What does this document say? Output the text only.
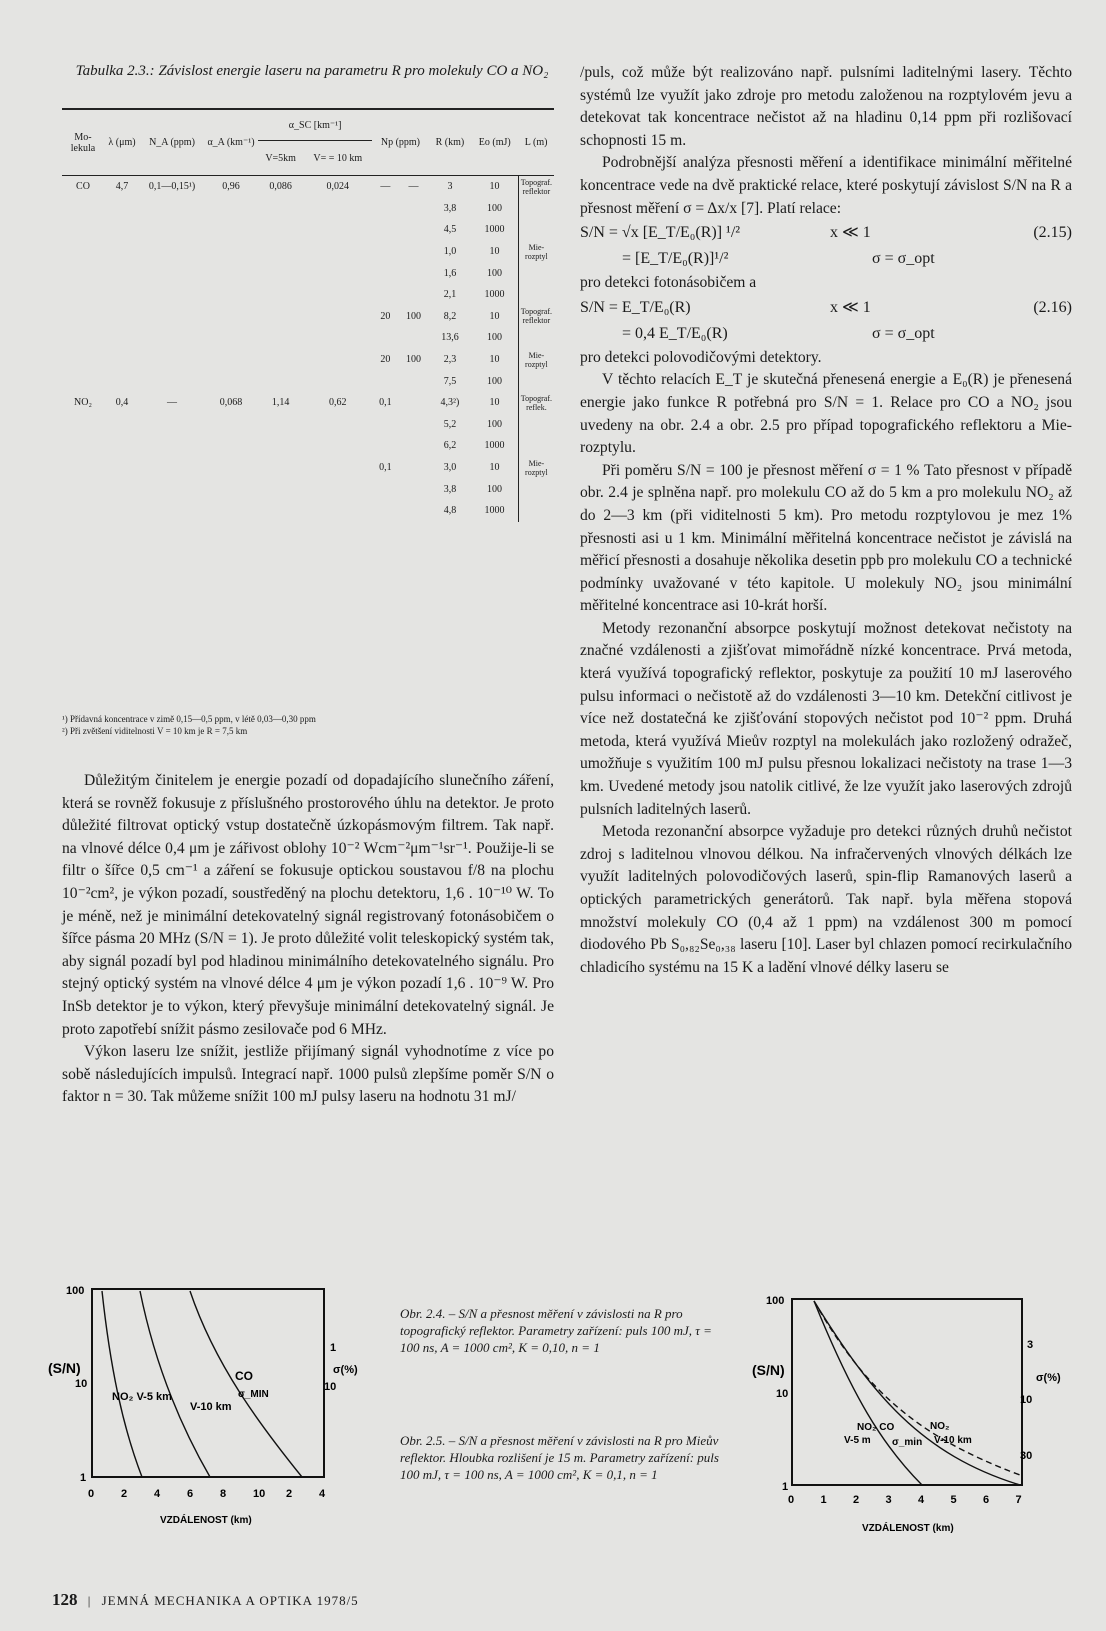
Tabulka 2.3.: Závislost energie laseru na parametru R pro molekuly CO a NO₂
Mo-lekula	λ (μm)	N_A (ppm)	α_A (km⁻¹)	α_SC [km⁻¹]		Np (ppm)		R (km)	Eo (mJ)	L (m)
				V=5km	V= = 10 km					
CO	4,7	0,1—0,15¹)	0,96	0,086	0,024	—	—	3	10	Topograf. reflektor
								3,8	100	
								4,5	1000	
								1,0	10	Mie-rozptyl
								1,6	100	
								2,1	1000	
						20	100	8,2	10	Topograf. reflektor
								13,6	100	
						20	100	2,3	10	Mie-rozptyl
								7,5	100	
NO₂	0,4	—	0,068	1,14	0,62	0,1		4,3²)	10	Topograf. reflek.
								5,2	100	
								6,2	1000	
						0,1		3,0	10	Mie-rozptyl
								3,8	100	
								4,8	1000	
¹) Přídavná koncentrace v zimě 0,15—0,5 ppm, v létě 0,03—0,30 ppm
²) Při zvětšení viditelnosti V = 10 km je R = 7,5 km

Důležitým činitelem je energie pozadí od dopadajícího slunečního záření, která se rovněž fokusuje z příslušného prostorového úhlu na detektor. Je proto důležité filtrovat optický vstup dostatečně úzkopásmovým filtrem. Tak např. na vlnové délce 0,4 μm je zářivost oblohy 10⁻² Wcm⁻²μm⁻¹sr⁻¹. Použije-li se filtr o šířce 0,5 cm⁻¹ a záření se fokusuje optickou soustavou f/8 na plochu 10⁻²cm², je výkon pozadí, soustředěný na plochu detektoru, 1,6 . 10⁻¹⁰ W. To je méně, než je minimální detekovatelný signál registrovaný fotonásobičem o šířce pásma 20 MHz (S/N = 1). Je proto důležité volit teleskopický systém tak, aby signál pozadí byl pod hladinou minimálního detekovatelného signálu. Pro stejný optický systém na vlnové délce 4 μm je výkon pozadí 1,6 . 10⁻⁹ W. Pro InSb detektor je to výkon, který převyšuje minimální detekovatelný signál. Je proto zapotřebí snížit pásmo zesilovače pod 6 MHz.

Výkon laseru lze snížit, jestliže přijímaný signál vyhodnotíme z více po sobě následujících impulsů. Integrací např. 1000 pulsů zlepšíme poměr S/N o faktor n = 30. Tak můžeme snížit 100 mJ pulsy laseru na hodnotu 31 mJ/

/puls, což může být realizováno např. pulsními laditelnými lasery. Těchto systémů lze využít jako zdroje pro metodu založenou na rozptylovém jevu a detekovat tak koncentrace nečistot až na hladinu 0,14 ppm při rozlišovací schopnosti 15 m.

Podrobnější analýza přesnosti měření a identifikace minimální měřitelné koncentrace vede na dvě praktické relace, které poskytují závislost S/N na R a přesnost měření σ = Δx/x [7]. Platí relace:

S/N = √x [E_T/E₀(R)] ¹/²	x ≪ 1	(2.15)
= [E_T/E₀(R)]¹/²	σ = σ_opt

pro detekci fotonásobičem a

S/N = E_T/E₀(R)	x ≪ 1	(2.16)
= 0,4 E_T/E₀(R)	σ = σ_opt

pro detekci polovodičovými detektory.

V těchto relacích E_T je skutečná přenesená energie a E₀(R) je přenesená energie jako funkce R potřebná pro S/N = 1. Relace pro CO a NO₂ jsou uvedeny na obr. 2.4 a obr. 2.5 pro případ topografického reflektoru a Mie-rozptylu.

Při poměru S/N = 100 je přesnost měření σ = 1 % Tato přesnost v případě obr. 2.4 je splněna např. pro molekulu CO až do 5 km a pro molekulu NO₂ až do 2—3 km (při viditelnosti 5 km). Pro metodu rozptylovou je mez 1% přesnosti asi u 1 km. Minimální měřitelná koncentrace nečistot je závislá na měřicí přesnosti a dosahuje několika desetin ppb pro molekulu CO a technické podmínky uvažované v této kapitole. U molekuly NO₂ jsou minimální měřitelné koncentrace asi 10-krát horší.

Metody rezonanční absorpce poskytují možnost detekovat nečistoty na značné vzdálenosti a zjišťovat mimořádně nízké koncentrace. Prvá metoda, která využívá topografický reflektor, poskytuje za použití 10 mJ laserového pulsu informaci o nečistotě až do vzdálenosti 3—10 km. Detekční citlivost je více než dostatečná ke zjišťování stopových nečistot pod 10⁻² ppm. Druhá metoda, která využívá Mieův rozptyl na molekulách jako rozložený odražeč, umožňuje s využitím 100 mJ pulsu přesnou lokalizaci nečistoty na trase 1—3 km. Uvedené metody jsou natolik citlivé, že lze využít jako laserových zdrojů pulsních laditelných laserů.

Metoda rezonanční absorpce vyžaduje pro detekci různých druhů nečistot zdroj s laditelnou vlnovou délkou. Na infračervených vlnových délkách lze využít laditelných polovodičových laserů, spin-flip Ramanových laserů a optických parametrických generátorů. Tak např. byla měřena stopová množství molekuly CO (0,4 až 1 ppm) na vzdálenost 300 m pomocí diodového Pb S₀,₈₂Se₀,₃₈ laseru [10]. Laser byl chlazen pomocí recirkulačního chladicího systému na 15 K a ladění vlnové délky laseru se

100
10
1
(S/N)
1
10
σ(%)
0 2 4 6 8 10 2 4
VZDÁLENOST (km)
NO₂ V-5 km
V-10 km
CO
σ_MIN
Obr. 2.4. – S/N a přesnost měření v závislosti na R pro topografický reflektor. Parametry zařízení: puls 100 mJ, τ = 100 ns, A = 1000 cm², K = 0,10, n = 1
Obr. 2.5. – S/N a přesnost měření v závislosti na R pro Mieův reflektor. Hloubka rozlišení je 15 m. Parametry zařízení: puls 100 mJ, τ = 100 ns, A = 1000 cm², K = 0,1, n = 1
100
10
1
(S/N)
3
10
30
σ(%)
0 1 2 3 4 5 6 7
VZDÁLENOST (km)
NO₂ CO
V-5 m σ_min
NO₂
V-10 km
128 | JEMNÁ MECHANIKA A OPTIKA 1978/5
